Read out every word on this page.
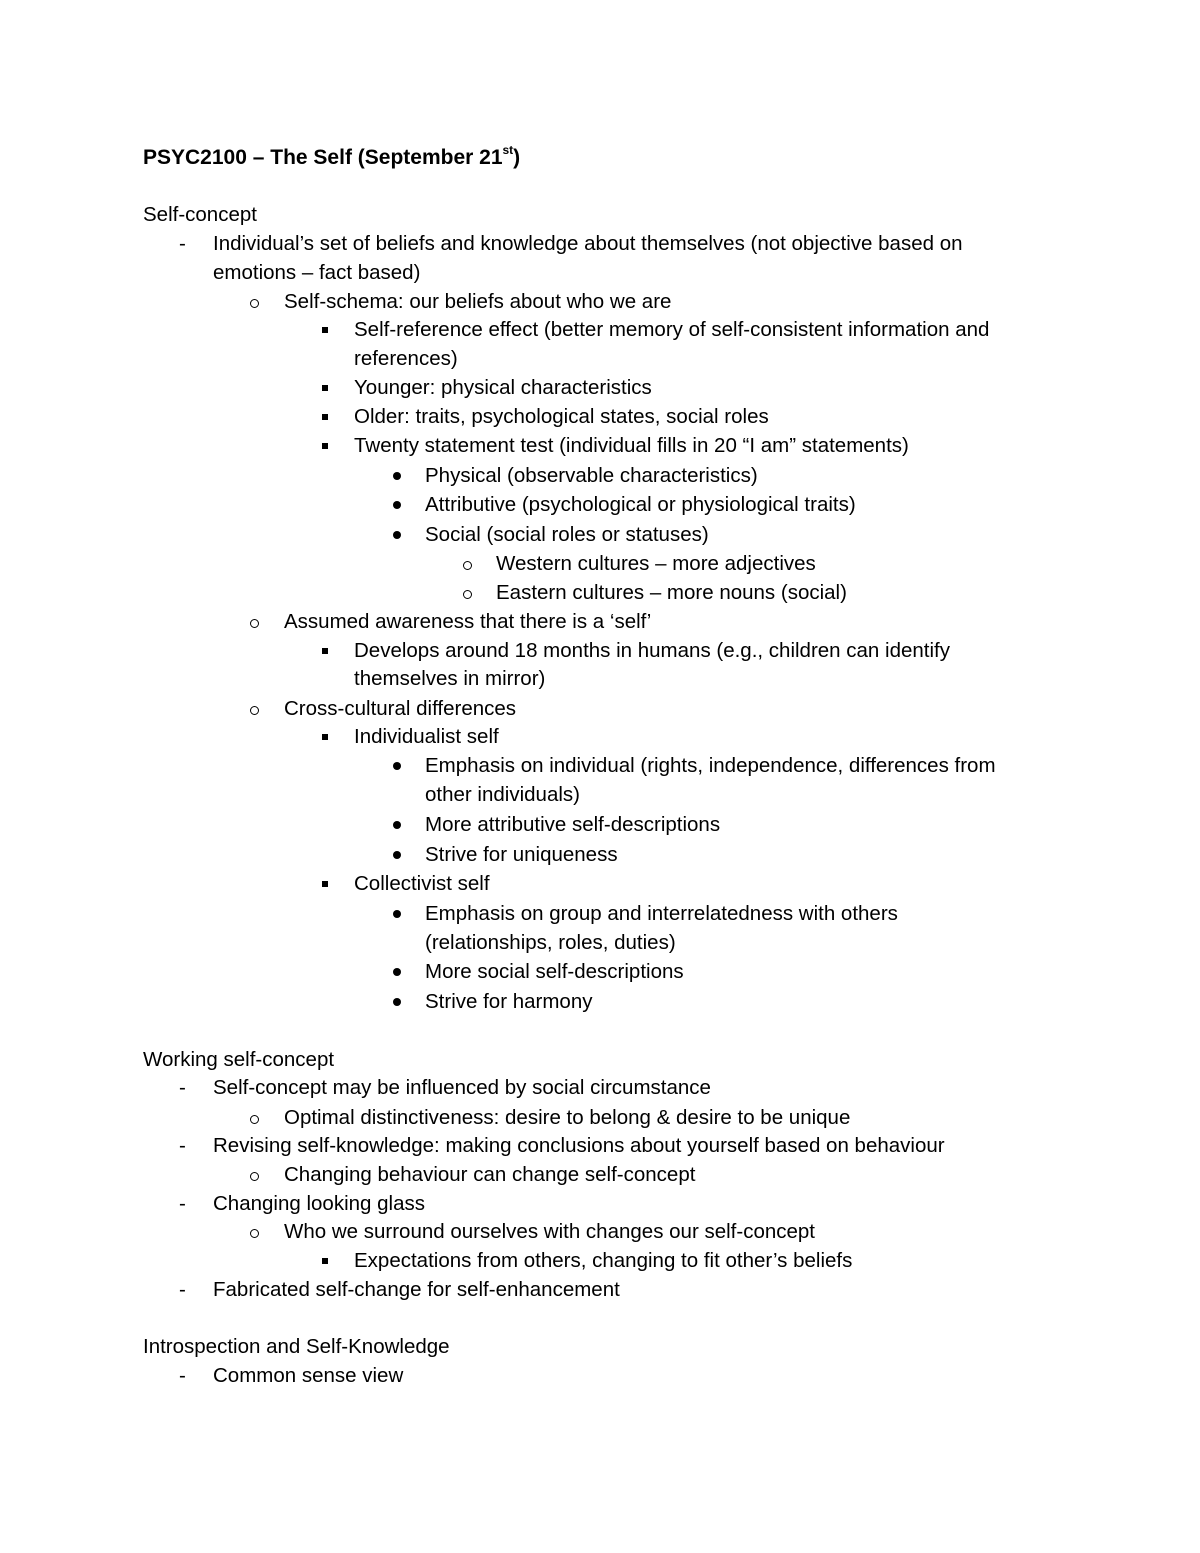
PSYC2100 – The Self (September 21st)
Self-concept
-	Individual’s set of beliefs and knowledge about themselves (not objective based on
emotions – fact based)
Self-schema: our beliefs about who we are
Self-reference effect (better memory of self-consistent information and
references)
Younger: physical characteristics
Older: traits, psychological states, social roles
Twenty statement test (individual fills in 20 “I am” statements)
Physical (observable characteristics)
Attributive (psychological or physiological traits)
Social (social roles or statuses)
Western cultures – more adjectives
Eastern cultures – more nouns (social)
Assumed awareness that there is a ‘self’
Develops around 18 months in humans (e.g., children can identify
themselves in mirror)
Cross-cultural differences
Individualist self
Emphasis on individual (rights, independence, differences from
other individuals)
More attributive self-descriptions
Strive for uniqueness
Collectivist self
Emphasis on group and interrelatedness with others
(relationships, roles, duties)
More social self-descriptions
Strive for harmony
Working self-concept
-	Self-concept may be influenced by social circumstance
Optimal distinctiveness: desire to belong & desire to be unique
-	Revising self-knowledge: making conclusions about yourself based on behaviour
Changing behaviour can change self-concept
-	Changing looking glass
Who we surround ourselves with changes our self-concept
Expectations from others, changing to fit other’s beliefs
-	Fabricated self-change for self-enhancement
Introspection and Self-Knowledge
-	Common sense view
